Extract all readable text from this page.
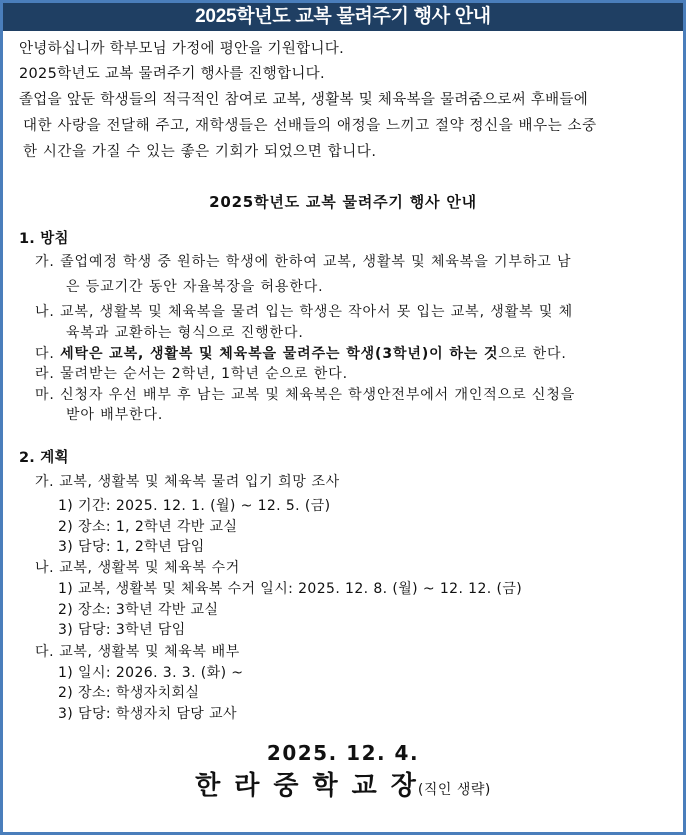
2025학년도 교복 물려주기 행사 안내
안녕하십니까 학부모님 가정에 평안을 기원합니다.
2025학년도 교복 물려주기 행사를 진행합니다.
졸업을 앞둔 학생들의 적극적인 참여로 교복, 생활복 및 체육복을 물려줌으로써 후배들에
대한 사랑을 전달해 주고, 재학생들은 선배들의 애정을 느끼고 절약 정신을 배우는 소중
한 시간을 가질 수 있는 좋은 기회가 되었으면 합니다.
2025학년도 교복 물려주기 행사 안내
1. 방침
가. 졸업예정 학생 중 원하는 학생에 한하여 교복, 생활복 및 체육복을 기부하고 남
은 등교기간 동안 자율복장을 허용한다.
나. 교복, 생활복 및 체육복을 물려 입는 학생은 작아서 못 입는 교복, 생활복 및 체
육복과 교환하는 형식으로 진행한다.
다. 세탁은 교복, 생활복 및 체육복을 물려주는 학생(3학년)이 하는 것으로 한다.
라. 물려받는 순서는 2학년, 1학년 순으로 한다.
마. 신청자 우선 배부 후 남는 교복 및 체육복은 학생안전부에서 개인적으로 신청을
받아 배부한다.
2. 계획
가. 교복, 생활복 및 체육복 물려 입기 희망 조사
1) 기간: 2025. 12. 1. (월) ~ 12. 5. (금)
2) 장소: 1, 2학년 각반 교실
3) 담당: 1, 2학년 담임
나. 교복, 생활복 및 체육복 수거
1) 교복, 생활복 및 체육복 수거 일시: 2025. 12. 8. (월) ~ 12. 12. (금)
2) 장소: 3학년 각반 교실
3) 담당: 3학년 담임
다. 교복, 생활복 및 체육복 배부
1) 일시: 2026. 3. 3. (화) ~
2) 장소: 학생자치회실
3) 담당: 학생자치 담당 교사
2025. 12. 4.
한라중학교장(직인 생략)
